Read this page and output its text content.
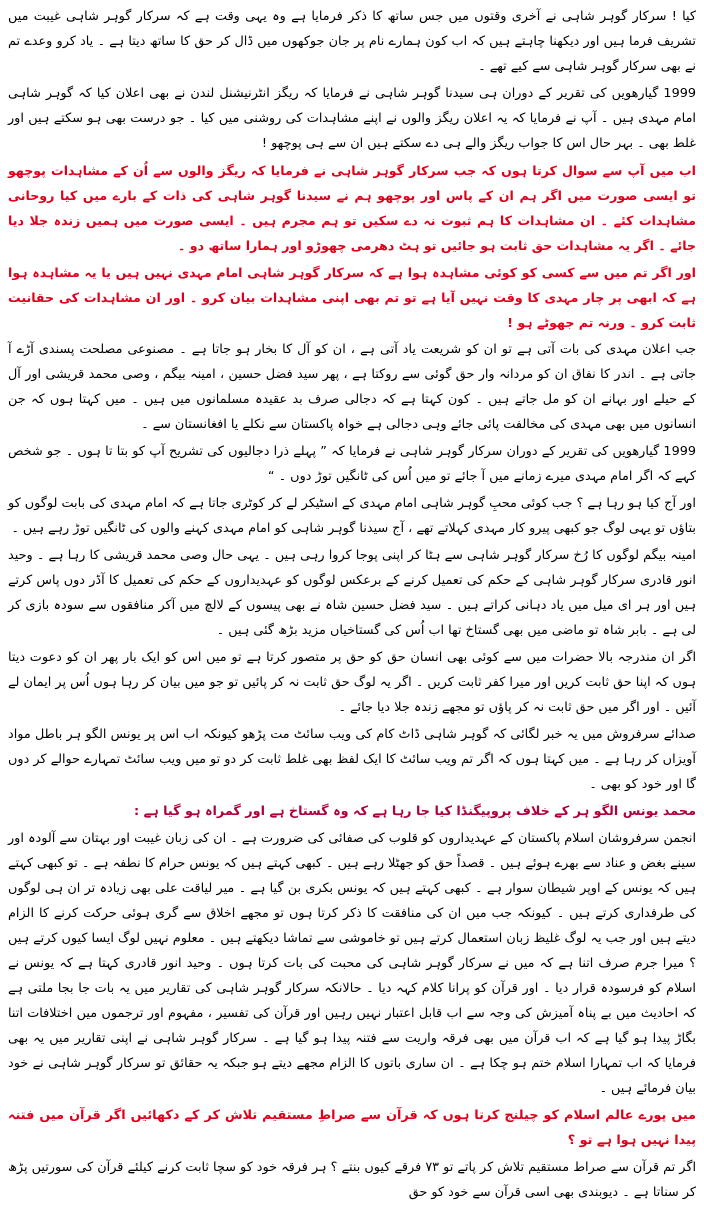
کیا ! سرکار گوہر شاہی نے آخری وقتوں میں جس ساتھ کا ذکر فرمایا ہے وہ یہی وقت ہے کہ سرکار گوہر شاہی غیبت میں تشریف فرما ہیں اور دیکھنا چاہتے ہیں کہ اب کون ہمارے نام پر جان جوکھوں میں ڈال کر حق کا ساتھ دیتا ہے ۔ یاد کرو وعدے تم نے بھی سرکار گوہر شاہی سے کیے تھے ۔

1999 گیارھویں کی تقریر کے دوران ہی سیدنا گوہر شاہی نے فرمایا کہ ریگز انٹرنیشنل لندن نے بھی اعلان کیا کہ گوہر شاہی امام مہدی ہیں ۔ آپ نے فرمایا کہ یہ اعلان ریگز والوں نے اپنے مشاہدات کی روشنی میں کیا ۔ جو درست بھی ہو سکتے ہیں اور غلط بھی ۔ بہر حال اس کا جواب ریگز والے ہی دے سکتے ہیں ان سے ہی پوچھو !

اب میں آپ سے سوال کرتا ہوں کہ جب سرکار گوہر شاہی نے فرمایا کہ ریگز والوں سے اُن کے مشاہدات پوچھو تو ایسی صورت میں اگر ہم ان کے پاس اور پوچھو ہم نے سیدنا گوہر شاہی کی ذات کے بارے میں کیا روحانی مشاہدات کئے ۔ ان مشاہدات کا ہم ثبوت نہ دے سکیں تو ہم مجرم ہیں ۔ ایسی صورت میں ہمیں زندہ جلا دیا جائے ۔ اگر یہ مشاہدات حق ثابت ہو جائیں تو ہٹ دھرمی چھوڑو اور ہمارا ساتھ دو ۔

اور اگر تم میں سے کسی کو کوئی مشاہدہ ہوا ہے کہ سرکار گوہر شاہی امام مہدی نہیں ہیں یا یہ مشاہدہ ہوا ہے کہ ابھی پر چار مہدی کا وقت نہیں آیا ہے تو تم بھی اپنی مشاہدات بیان کرو ۔ اور ان مشاہدات کی حقانیت ثابت کرو ۔ ورنہ تم جھوٹے ہو !

جب اعلان مہدی کی بات آتی ہے تو ان کو شریعت یاد آتی ہے ، ان کو آل کا بخار ہو جاتا ہے ۔ مصنوعی مصلحت پسندی آڑے آ جاتی ہے ۔ اندر کا نفاق ان کو مردانہ وار حق گوئی سے روکتا ہے ، پھر سید فضل حسین ، امینہ بیگم ، وصی محمد قریشی اور آل کے حیلے اور بہانے ان کو مل جاتے ہیں ۔ کون کہتا ہے کہ دجالی صرف بد عقیدہ مسلمانوں میں ہیں ۔ میں کہتا ہوں کہ جن انسانوں میں بھی مہدی کی مخالفت پائی جائے وہی دجالی ہے خواہ پاکستان سے نکلے یا افغانستان سے ۔

1999 گیارھویں کی تقریر کے دوران سرکار گوہر شاہی نے فرمایا کہ ” پہلے ذرا دجالیوں کی تشریح آپ کو بتا تا ہوں ۔ جو شخص کہے کہ اگر امام مہدی میرے زمانے میں آ جائے تو میں اُس کی ٹانگیں توڑ دوں ۔ “

اور آج کیا ہو رہا ہے ؟ جب کوئی محبِ گوہر شاہی امام مہدی کے اسٹیکر لے کر کوٹری جاتا ہے کہ امام مہدی کی بابت لوگوں کو بتاؤں تو یہی لوگ جو کبھی پیرو کار مہدی کہلاتے تھے ، آج سیدنا گوہر شاہی کو امام مہدی کہنے والوں کی ٹانگیں توڑ رہے ہیں ۔

امینہ بیگم لوگوں کا رُخ سرکار گوہر شاہی سے ہٹا کر اپنی پوجا کروا رہی ہیں ۔ یہی حال وصی محمد قریشی کا رہا ہے ۔ وحید انور قادری سرکار گوہر شاہی کے حکم کی تعمیل کرنے کے برعکس لوگوں کو عہدیداروں کے حکم کی تعمیل کا آڈر دوں پاس کرتے ہیں اور ہر ای میل میں یاد دہانی کراتے ہیں ۔ سید فضل حسین شاہ نے بھی پیسوں کے لالچ میں آکر منافقوں سے سودہ بازی کر لی ہے ۔ بابر شاہ تو ماضی میں بھی گستاخ تھا اب اُس کی گستاخیاں مزید بڑھ گئی ہیں ۔

اگر ان مندرجہ بالا حضرات میں سے کوئی بھی انسان حق کو حق پر متصور کرتا ہے تو میں اس کو ایک بار پھر ان کو دعوت دیتا ہوں کہ اپنا حق ثابت کریں اور میرا کفر ثابت کریں ۔ اگر یہ لوگ حق ثابت نہ کر پائیں تو جو میں بیان کر رہا ہوں اُس پر ایمان لے آئیں ۔ اور اگر میں حق ثابت نہ کر پاؤں تو مجھے زندہ جلا دیا جائے ۔

صدائے سرفروش میں یہ خبر لگائی کہ گوہر شاہی ڈاٹ کام کی ویب سائٹ مت پڑھو کیونکہ اب اس پر یونس الگو ہر باطل مواد آویزاں کر رہا ہے ۔ میں کہتا ہوں کہ اگر تم ویب سائٹ کا ایک لفظ بھی غلط ثابت کر دو تو میں ویب سائٹ تمہارے حوالے کر دوں گا اور خود کو بھی ۔

محمد یونس الگو ہر کے خلاف پروپیگنڈا کیا جا رہا ہے کہ وہ گستاخ ہے اور گمراہ ہو گیا ہے :

انجمن سرفروشان اسلام پاکستان کے عہدیداروں کو قلوب کی صفائی کی ضرورت ہے ۔ ان کی زبان غیبت اور بہتان سے آلودہ اور سینے بغض و عناد سے بھرے ہوئے ہیں ۔ قصداً حق کو جھٹلا رہے ہیں ۔ کبھی کہتے ہیں کہ یونس حرام کا نطفہ ہے ۔ تو کبھی کہتے ہیں کہ یونس کے اوپر شیطان سوار ہے ۔ کبھی کہتے ہیں کہ یونس بکری بن گیا ہے ۔ میر لیاقت علی بھی زیادہ تر ان ہی لوگوں کی طرفداری کرتے ہیں ۔ کیونکہ جب میں ان کی منافقت کا ذکر کرتا ہوں تو مجھے اخلاق سے گری ہوئی حرکت کرنے کا الزام دیتے ہیں اور جب یہ لوگ غلیظ زبان استعمال کرتے ہیں تو خاموشی سے تماشا دیکھتے ہیں ۔ معلوم نہیں لوگ ایسا کیوں کرتے ہیں ؟ میرا جرم صرف اتنا ہے کہ میں نے سرکار گوہر شاہی کی محبت کی بات کرتا ہوں ۔ وحید انور قادری کہتا ہے کہ یونس نے اسلام کو فرسودہ قرار دیا ۔ اور قرآن کو پرانا کلام کہہ دیا ۔ حالانکہ سرکار گوہر شاہی کی تقاریر میں یہ بات جا بجا ملتی ہے کہ احادیث میں بے پناہ آمیزش کی وجہ سے اب قابل اعتبار نہیں رہیں اور قرآن کی تفسیر ، مفہوم اور ترجموں میں اختلافات اتنا بگاڑ پیدا ہو گیا ہے کہ اب قرآن میں بھی فرقہ واریت سے فتنہ پیدا ہو گیا ہے ۔ سرکار گوہر شاہی نے اپنی تقاریر میں یہ بھی فرمایا کہ اب تمہارا اسلام ختم ہو چکا ہے ۔ ان ساری باتوں کا الزام مجھے دیتے ہو جبکہ یہ حقائق تو سرکار گوہر شاہی نے خود بیان فرمائے ہیں ۔

میں پورے عالم اسلام کو چیلنج کرتا ہوں کہ قرآن سے صراطِ مستقیم تلاش کر کے دکھائیں اگر قرآن میں فتنہ پیدا نہیں ہوا ہے تو ؟

اگر تم قرآن سے صراط مستقیم تلاش کر پاتے تو ۷۳ فرقے کیوں بنتے ؟ ہر فرقہ خود کو سچا ثابت کرنے کیلئے قرآن کی سورتیں پڑھ کر سناتا ہے ۔ دیوبندی بھی اسی قرآن سے خود کو حق
